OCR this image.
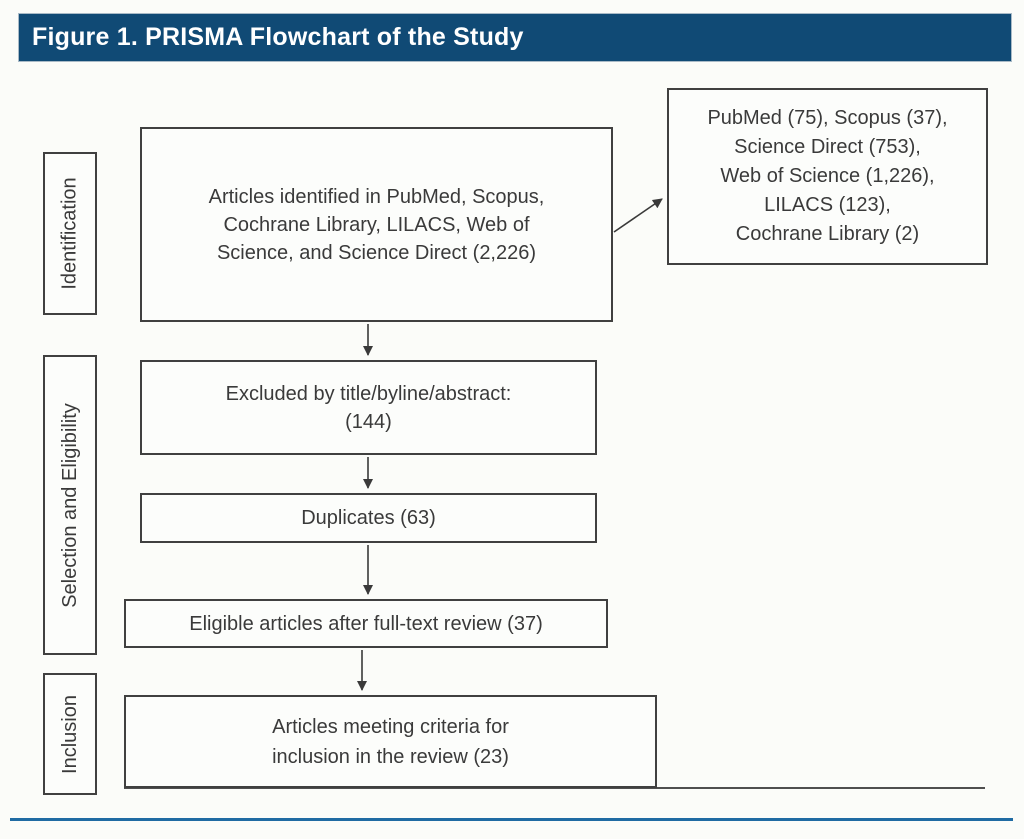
Figure 1. PRISMA Flowchart of the Study
Identification
Selection and Eligibility
Inclusion
Articles identified in PubMed, Scopus,
Cochrane Library, LILACS, Web of
Science, and Science Direct (2,226)
PubMed (75), Scopus (37),
Science Direct (753),
Web of Science (1,226),
LILACS (123),
Cochrane Library (2)
Excluded by title/byline/abstract:
(144)
Duplicates (63)
Eligible articles after full-text review (37)
Articles meeting criteria for
inclusion in the review (23)
